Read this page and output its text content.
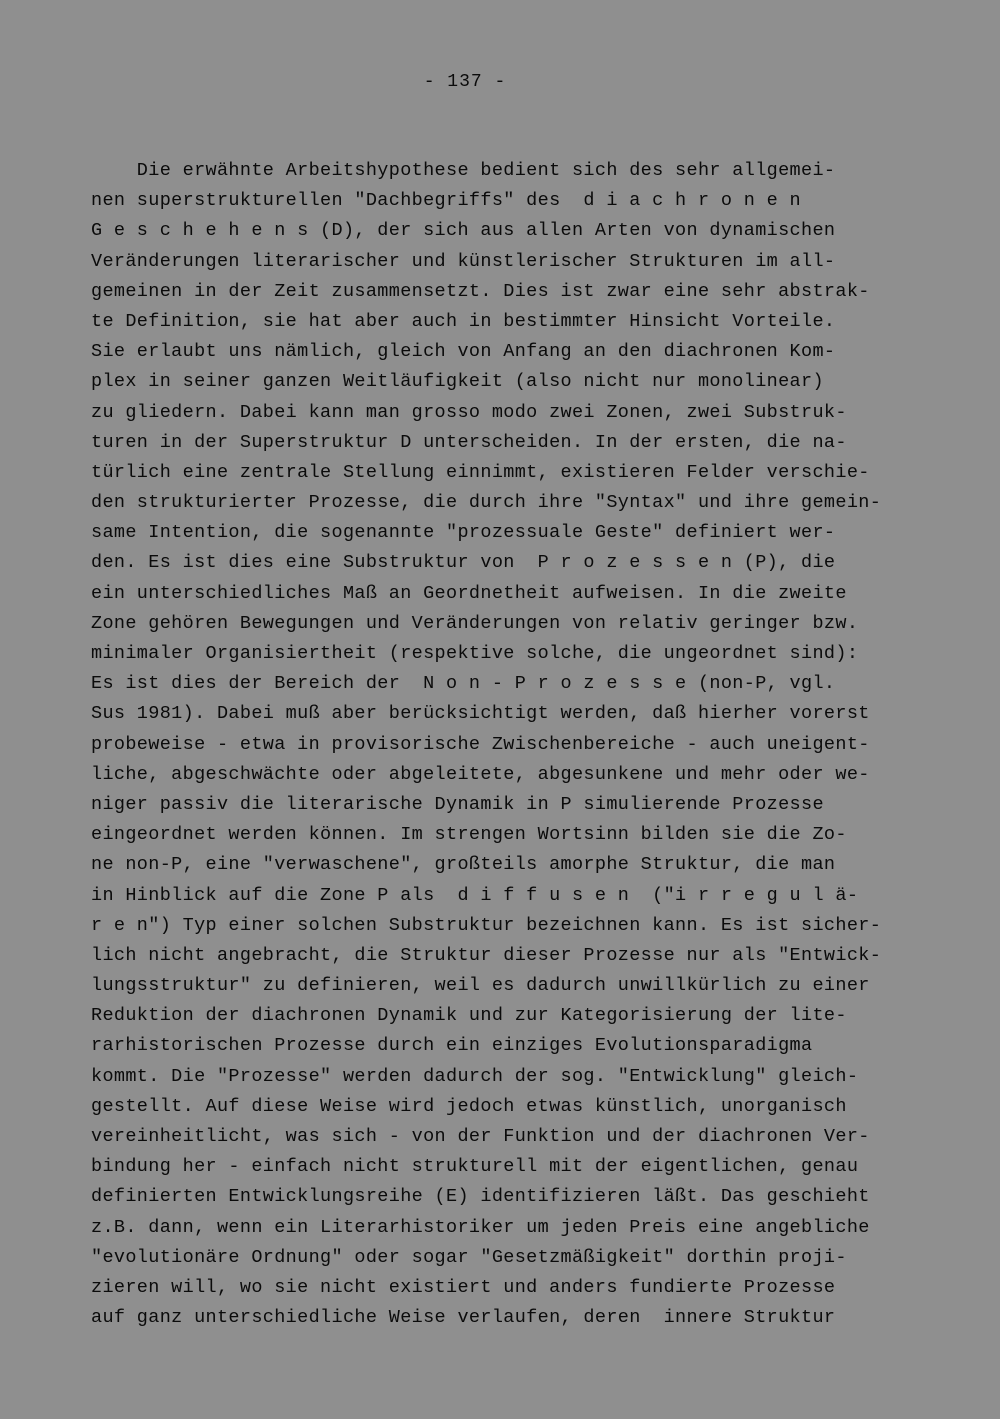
- 137 -
Die erwähnte Arbeitshypothese bedient sich des sehr allgemei-
nen superstrukturellen "Dachbegriffs" des  d i a c h r o n e n
G e s c h e h e n s (D), der sich aus allen Arten von dynamischen
Veränderungen literarischer und künstlerischer Strukturen im all-
gemeinen in der Zeit zusammensetzt. Dies ist zwar eine sehr abstrak-
te Definition, sie hat aber auch in bestimmter Hinsicht Vorteile.
Sie erlaubt uns nämlich, gleich von Anfang an den diachronen Kom-
plex in seiner ganzen Weitläufigkeit (also nicht nur monolinear)
zu gliedern. Dabei kann man grosso modo zwei Zonen, zwei Substruk-
turen in der Superstruktur D unterscheiden. In der ersten, die na-
türlich eine zentrale Stellung einnimmt, existieren Felder verschie-
den strukturierter Prozesse, die durch ihre "Syntax" und ihre gemein-
same Intention, die sogenannte "prozessuale Geste" definiert wer-
den. Es ist dies eine Substruktur von  P r o z e s s e n (P), die
ein unterschiedliches Maß an Geordnetheit aufweisen. In die zweite
Zone gehören Bewegungen und Veränderungen von relativ geringer bzw.
minimaler Organisiertheit (respektive solche, die ungeordnet sind):
Es ist dies der Bereich der  N o n - P r o z e s s e (non-P, vgl.
Sus 1981). Dabei muß aber berücksichtigt werden, daß hierher vorerst
probeweise - etwa in provisorische Zwischenbereiche - auch uneigent-
liche, abgeschwächte oder abgeleitete, abgesunkene und mehr oder we-
niger passiv die literarische Dynamik in P simulierende Prozesse
eingeordnet werden können. Im strengen Wortsinn bilden sie die Zo-
ne non-P, eine "verwaschene", großteils amorphe Struktur, die man
in Hinblick auf die Zone P als  d i f f u s e n  ("i r r e g u l ä-
r e n") Typ einer solchen Substruktur bezeichnen kann. Es ist sicher-
lich nicht angebracht, die Struktur dieser Prozesse nur als "Entwick-
lungsstruktur" zu definieren, weil es dadurch unwillkürlich zu einer
Reduktion der diachronen Dynamik und zur Kategorisierung der lite-
rarhistorischen Prozesse durch ein einziges Evolutionsparadigma
kommt. Die "Prozesse" werden dadurch der sog. "Entwicklung" gleich-
gestellt. Auf diese Weise wird jedoch etwas künstlich, unorganisch
vereinheitlicht, was sich - von der Funktion und der diachronen Ver-
bindung her - einfach nicht strukturell mit der eigentlichen, genau
definierten Entwicklungsreihe (E) identifizieren läßt. Das geschieht
z.B. dann, wenn ein Literarhistoriker um jeden Preis eine angebliche
"evolutionäre Ordnung" oder sogar "Gesetzmäßigkeit" dorthin proji-
zieren will, wo sie nicht existiert und anders fundierte Prozesse
auf ganz unterschiedliche Weise verlaufen, deren  innere Struktur
